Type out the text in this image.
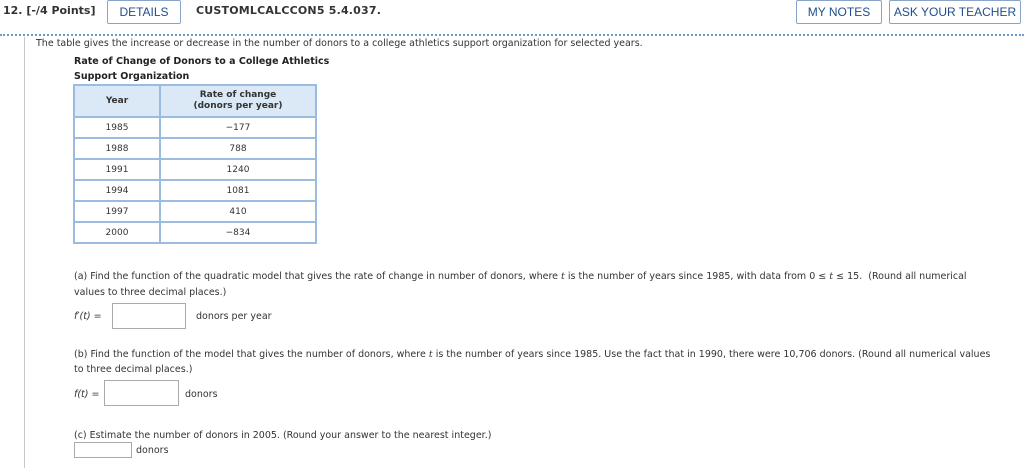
12. [-/4 Points]	DETAILS	CUSTOMLCALCCON5 5.4.037.	MY NOTES	ASK YOUR TEACHER
The table gives the increase or decrease in the number of donors to a college athletics support organization for selected years.
Rate of Change of Donors to a College Athletics
Support Organization
Year	Rate of change
(donors per year)
1985	−177
1988	788
1991	1240
1994	1081
1997	410
2000	−834
(a) Find the function of the quadratic model that gives the rate of change in number of donors, where t is the number of years since 1985, with data from 0 ≤ t ≤ 15. (Round all numerical
values to three decimal places.)
f′(t) =	donors per year
(b) Find the function of the model that gives the number of donors, where t is the number of years since 1985. Use the fact that in 1990, there were 10,706 donors. (Round all numerical values
to three decimal places.)
f(t) =	donors
(c) Estimate the number of donors in 2005. (Round your answer to the nearest integer.)
donors
